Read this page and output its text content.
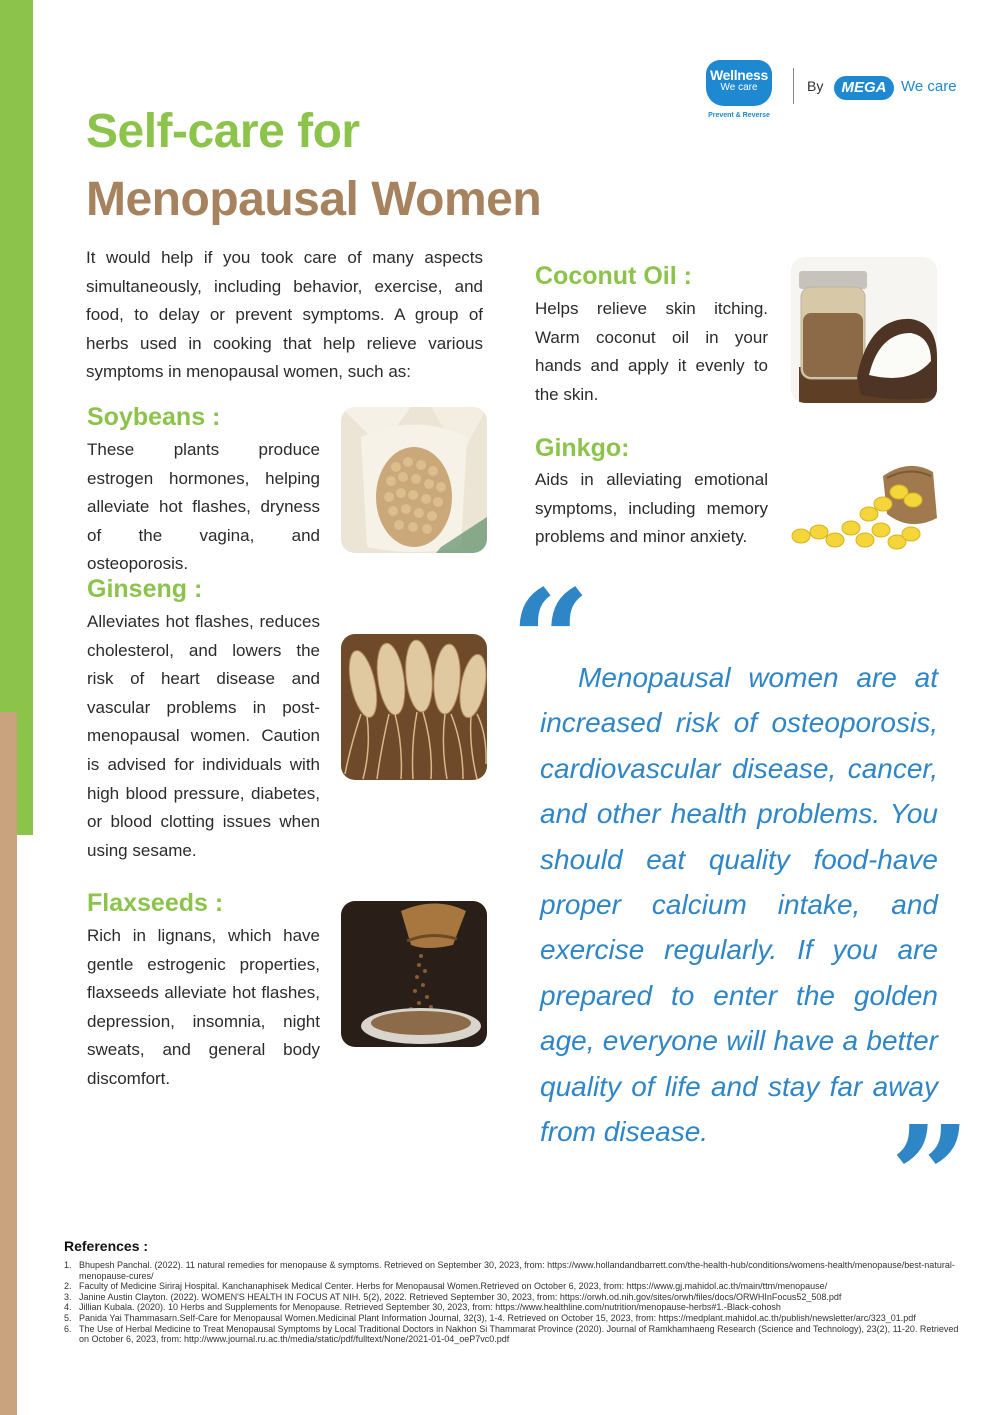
Wellness
We care
Prevent & Reverse
By	MEGA We care
Self-care for
Menopausal Women

It would help if you took care of many aspects simultaneously, including behavior, exercise, and food, to delay or prevent symptoms. A group of herbs used in cooking that help relieve various symptoms in menopausal women, such as:

Soybeans :

These plants produce estrogen hormones, helping alleviate hot flashes, dryness of the vagina, and osteoporosis.

Ginseng :

Alleviates hot flashes, reduces cholesterol, and lowers the risk of heart disease and vascular problems in post-menopausal women. Caution is advised for individuals with high blood pressure, diabetes, or blood clotting issues when using sesame.

Flaxseeds :

Rich in lignans, which have gentle estrogenic properties, flaxseeds alleviate hot flashes, depression, insomnia, night sweats, and general body discomfort.

Coconut Oil :

Helps relieve skin itching. Warm coconut oil in your hands and apply it evenly to the skin.

Ginkgo:

Aids in alleviating emotional symptoms, including memory problems and minor anxiety.

“

Menopausal women are at increased risk of osteoporosis, cardiovascular disease, cancer, and other health problems. You should eat quality food-have proper calcium intake, and exercise regularly. If you are prepared to enter the golden age, everyone will have a better quality of life and stay far away from disease.	”
References :
1. Bhupesh Panchal. (2022). 11 natural remedies for menopause & symptoms. Retrieved on September 30, 2023, from: https://www.hollandandbarrett.com/the-health-hub/conditions/womens-health/menopause/best-natural-menopause-cures/
2. Faculty of Medicine Siriraj Hospital. Kanchanaphisek Medical Center. Herbs for Menopausal Women.Retrieved on October 6, 2023, from: https://www.gj.mahidol.ac.th/main/ttm/menopause/
3. Janine Austin Clayton. (2022). WOMEN'S HEALTH IN FOCUS AT NIH. 5(2), 2022. Retrieved September 30, 2023, from: https://orwh.od.nih.gov/sites/orwh/files/docs/ORWHInFocus52_508.pdf
4. Jillian Kubala. (2020). 10 Herbs and Supplements for Menopause. Retrieved September 30, 2023, from: https://www.healthline.com/nutrition/menopause-herbs#1.-Black-cohosh
5. Panida Yai Thammasarn.Self-Care for Menopausal Women.Medicinal Plant Information Journal, 32(3), 1-4. Retrieved on October 15, 2023, from: https://medplant.mahidol.ac.th/publish/newsletter/arc/323_01.pdf
6. The Use of Herbal Medicine to Treat Menopausal Symptoms by Local Traditional Doctors in Nakhon Si Thammarat Province (2020). Journal of Ramkhamhaeng Research (Science and Technology), 23(2), 11-20. Retrieved on October 6, 2023, from: http://www.journal.ru.ac.th/media/static/pdf/fulltext/None/2021-01-04_oeP7vc0.pdf
